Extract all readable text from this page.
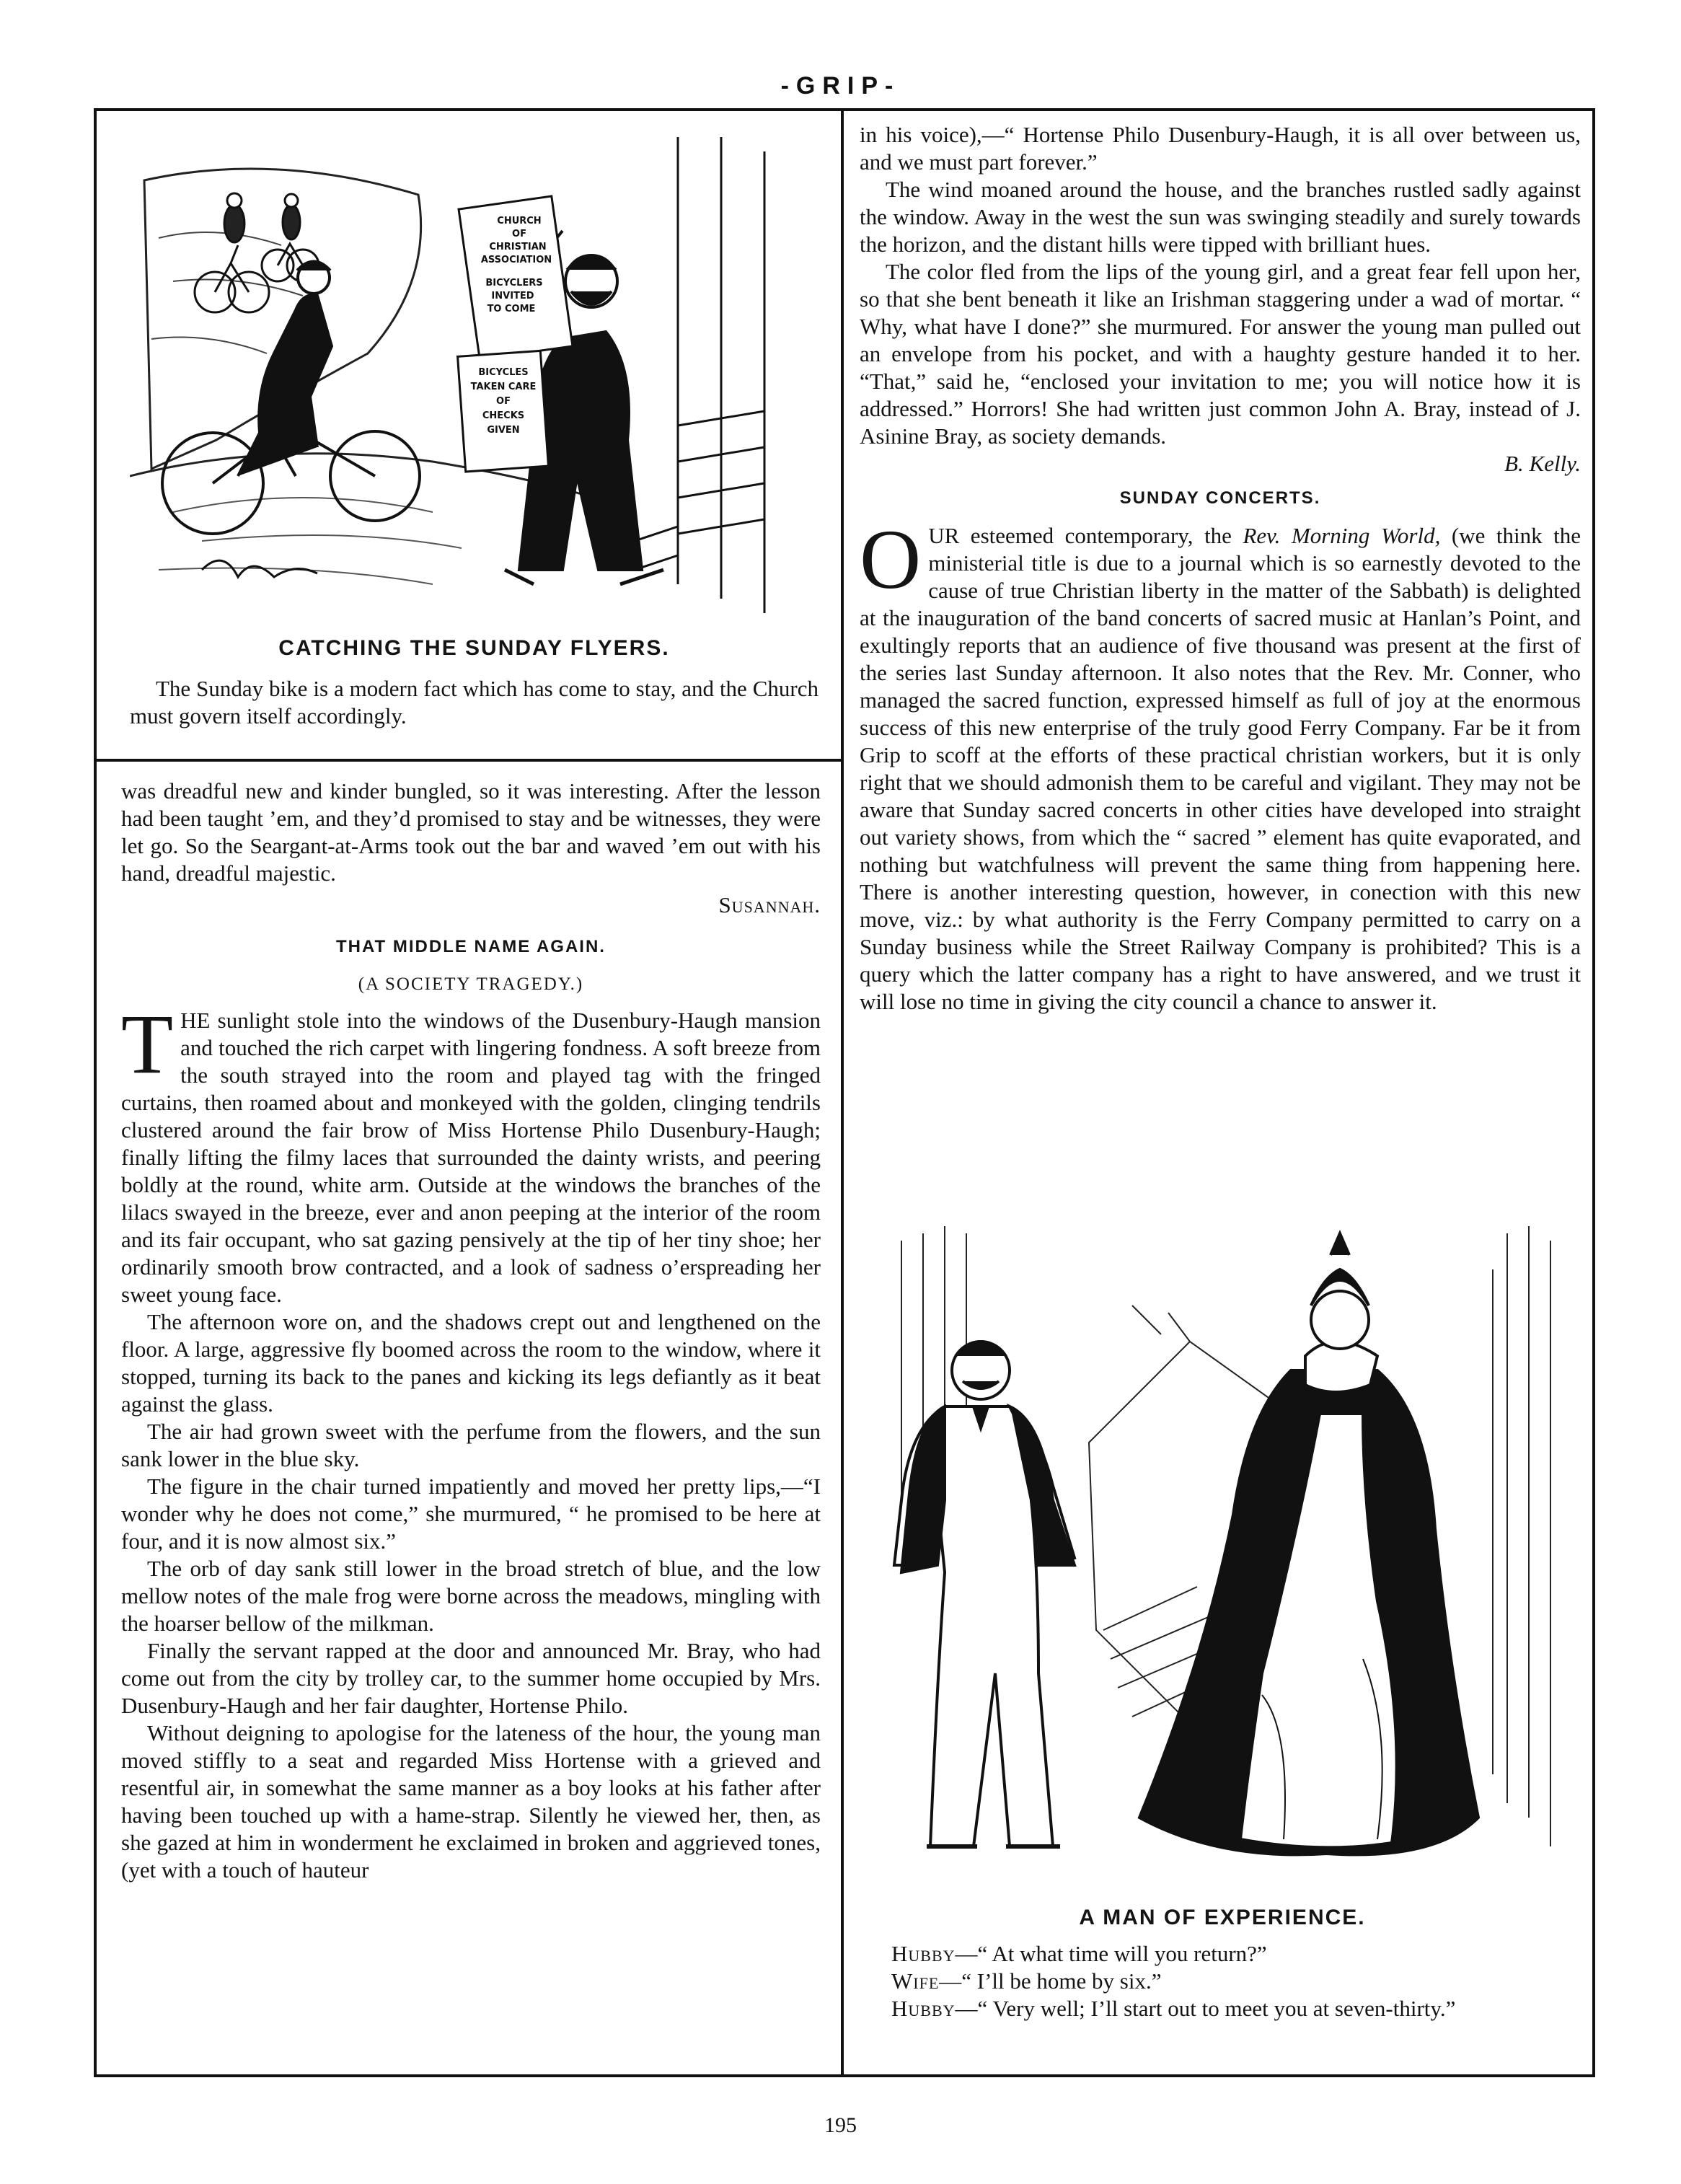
-GRIP-
CHURCH
OF
CHRISTIAN
ASSOCIATION
BICYCLERS
INVITED
TO COME
BICYCLES
TAKEN CARE
OF
CHECKS
GIVEN
CATCHING THE SUNDAY FLYERS.

The Sunday bike is a modern fact which has come to stay, and the Church must govern itself accordingly.

was dreadful new and kinder bungled, so it was interesting. After the lesson had been taught ’em, and they’d promised to stay and be witnesses, they were let go. So the Seargant-at-Arms took out the bar and waved ’em out with his hand, dreadful majestic.

Susannah.
THAT MIDDLE NAME AGAIN.
(A SOCIETY TRAGEDY.)

THE sunlight stole into the windows of the Dusenbury-Haugh mansion and touched the rich carpet with lingering fondness. A soft breeze from the south strayed into the room and played tag with the fringed curtains, then roamed about and monkeyed with the golden, clinging tendrils clustered around the fair brow of Miss Hortense Philo Dusenbury-Haugh; finally lifting the filmy laces that surrounded the dainty wrists, and peering boldly at the round, white arm. Outside at the windows the branches of the lilacs swayed in the breeze, ever and anon peeping at the interior of the room and its fair occupant, who sat gazing pensively at the tip of her tiny shoe; her ordinarily smooth brow contracted, and a look of sadness o’erspreading her sweet young face.

The afternoon wore on, and the shadows crept out and lengthened on the floor. A large, aggressive fly boomed across the room to the window, where it stopped, turning its back to the panes and kicking its legs defiantly as it beat against the glass.

The air had grown sweet with the perfume from the flowers, and the sun sank lower in the blue sky.

The figure in the chair turned impatiently and moved her pretty lips,—“I wonder why he does not come,” she murmured, “ he promised to be here at four, and it is now almost six.”

The orb of day sank still lower in the broad stretch of blue, and the low mellow notes of the male frog were borne across the meadows, mingling with the hoarser bellow of the milkman.

Finally the servant rapped at the door and announced Mr. Bray, who had come out from the city by trolley car, to the summer home occupied by Mrs. Dusenbury-Haugh and her fair daughter, Hortense Philo.

Without deigning to apologise for the lateness of the hour, the young man moved stiffly to a seat and regarded Miss Hortense with a grieved and resentful air, in somewhat the same manner as a boy looks at his father after having been touched up with a hame-strap. Silently he viewed her, then, as she gazed at him in wonderment he exclaimed in broken and aggrieved tones, (yet with a touch of hauteur

in his voice),—“ Hortense Philo Dusenbury-Haugh, it is all over between us, and we must part forever.”

The wind moaned around the house, and the branches rustled sadly against the window. Away in the west the sun was swinging steadily and surely towards the horizon, and the distant hills were tipped with brilliant hues.

The color fled from the lips of the young girl, and a great fear fell upon her, so that she bent beneath it like an Irishman staggering under a wad of mortar. “ Why, what have I done?” she murmured. For answer the young man pulled out an envelope from his pocket, and with a haughty gesture handed it to her. “That,” said he, “enclosed your invitation to me; you will notice how it is addressed.” Horrors! She had written just common John A. Bray, instead of J. Asinine Bray, as society demands.

B. Kelly.
SUNDAY CONCERTS.

OUR esteemed contemporary, the Rev. Morning World, (we think the ministerial title is due to a journal which is so earnestly devoted to the cause of true Christian liberty in the matter of the Sabbath) is delighted at the inauguration of the band concerts of sacred music at Hanlan’s Point, and exultingly reports that an audience of five thousand was present at the first of the series last Sunday afternoon. It also notes that the Rev. Mr. Conner, who managed the sacred function, expressed himself as full of joy at the enormous success of this new enterprise of the truly good Ferry Company. Far be it from Grip to scoff at the efforts of these practical christian workers, but it is only right that we should admonish them to be careful and vigilant. They may not be aware that Sunday sacred concerts in other cities have developed into straight out variety shows, from which the “ sacred ” element has quite evaporated, and nothing but watchfulness will prevent the same thing from happening here. There is another interesting question, however, in conection with this new move, viz.: by what authority is the Ferry Company permitted to carry on a Sunday business while the Street Railway Company is prohibited? This is a query which the latter company has a right to have answered, and we trust it will lose no time in giving the city council a chance to answer it.

A MAN OF EXPERIENCE.

Hubby—“ At what time will you return?”

Wife—“ I’ll be home by six.”

Hubby—“ Very well; I’ll start out to meet you at seven-thirty.”

195
